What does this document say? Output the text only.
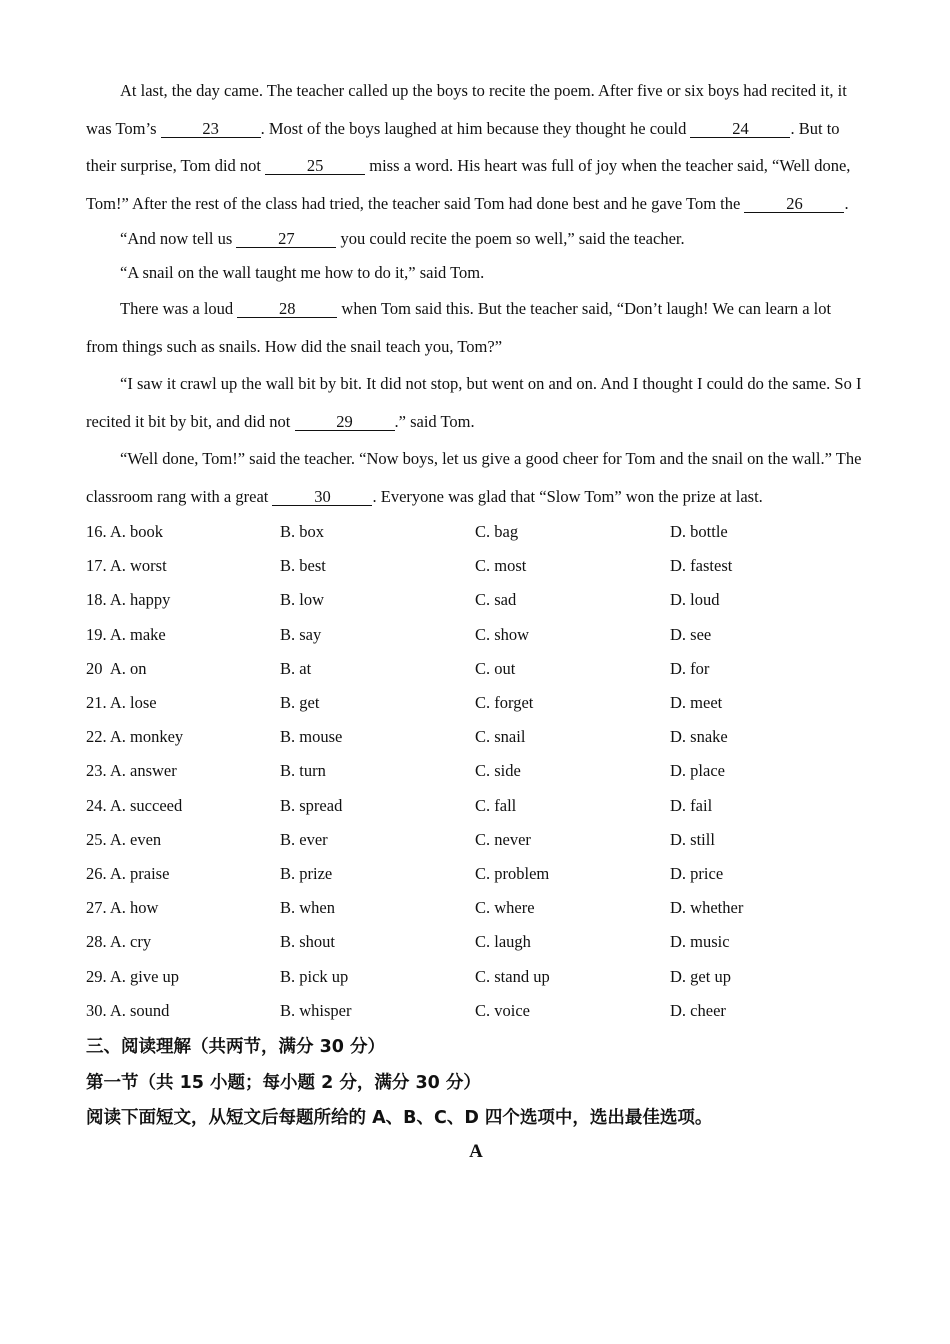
At last, the day came. The teacher called up the boys to recite the poem. After five or six boys had recited it, it was Tom’s	23	. Most of the boys laughed at him because they thought he could	24	. But to their surprise, Tom did not	25	miss a word. His heart was full of joy when the teacher said, “Well done, Tom!” After the rest of the class had tried, the teacher said Tom had done best and he gave Tom the	26	.

“And now tell us	27	you could recite the poem so well,” said the teacher.

“A snail on the wall taught me how to do it,” said Tom.

There was a loud	28	when Tom said this. But the teacher said, “Don’t laugh! We can learn a lot from things such as snails. How did the snail teach you, Tom?”

“I saw it crawl up the wall bit by bit. It did not stop, but went on and on. And I thought I could do the same. So I recited it bit by bit, and did not	29	.” said Tom.

“Well done, Tom!” said the teacher. “Now boys, let us give a good cheer for Tom and the snail on the wall.” The classroom rang with a great	30	. Everyone was glad that “Slow Tom” won the prize at last.

16. A. book	B. box	C. bag	D. bottle
17. A. worst	B. best	C. most	D. fastest
18. A. happy	B. low	C. sad	D. loud
19. A. make	B. say	C. show	D. see
20  A. on	B. at	C. out	D. for
21. A. lose	B. get	C. forget	D. meet
22. A. monkey	B. mouse	C. snail	D. snake
23. A. answer	B. turn	C. side	D. place
24. A. succeed	B. spread	C. fall	D. fail
25. A. even	B. ever	C. never	D. still
26. A. praise	B. prize	C. problem	D. price
27. A. how	B. when	C. where	D. whether
28. A. cry	B. shout	C. laugh	D. music
29. A. give up	B. pick up	C. stand up	D. get up
30. A. sound	B. whisper	C. voice	D. cheer
三、阅读理解（共两节，满分 30 分）
第一节（共 15 小题；每小题 2 分，满分 30 分）
阅读下面短文，从短文后每题所给的 A、B、C、D 四个选项中，选出最佳选项。
A
